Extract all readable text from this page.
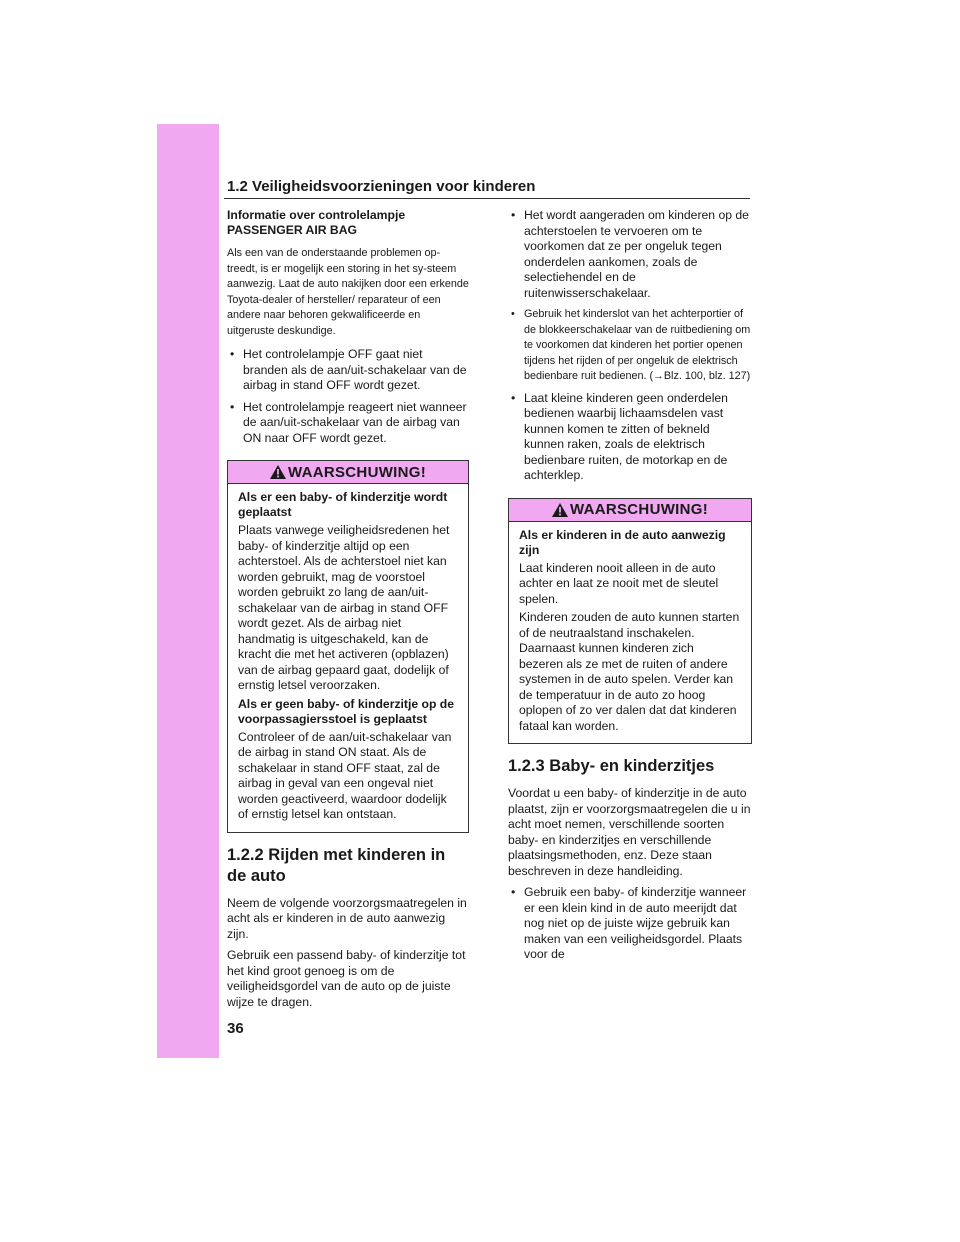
1.2 Veiligheidsvoorzieningen voor kinderen
Informatie over controlelampje
PASSENGER AIR BAG

Als een van de onderstaande problemen op-treedt, is er mogelijk een storing in het sy-steem aanwezig. Laat de auto nakijken door een erkende Toyota-dealer of hersteller/ reparateur of een andere naar behoren gekwalificeerde en uitgeruste deskundige.

• Het controlelampje OFF gaat niet branden als de aan/uit-schakelaar van de airbag in stand OFF wordt gezet.
• Het controlelampje reageert niet wanneer de aan/uit-schakelaar van de airbag van ON naar OFF wordt gezet.
WAARSCHUWING!
Als er een baby- of kinderzitje wordt geplaatst

Plaats vanwege veiligheidsredenen het baby- of kinderzitje altijd op een achterstoel. Als de achterstoel niet kan worden gebruikt, mag de voorstoel worden gebruikt zo lang de aan/uit-schakelaar van de airbag in stand OFF wordt gezet. Als de airbag niet handmatig is uitgeschakeld, kan de kracht die met het activeren (opblazen) van de airbag gepaard gaat, dodelijk of ernstig letsel veroorzaken.

Als er geen baby- of kinderzitje op de voorpassagiersstoel is geplaatst

Controleer of de aan/uit-schakelaar van de airbag in stand ON staat. Als de schakelaar in stand OFF staat, zal de airbag in geval van een ongeval niet worden geactiveerd, waardoor dodelijk of ernstig letsel kan ontstaan.

1.2.2 Rijden met kinderen in de auto

Neem de volgende voorzorgsmaatregelen in acht als er kinderen in de auto aanwezig zijn.

Gebruik een passend baby- of kinderzitje tot het kind groot genoeg is om de veiligheidsgordel van de auto op de juiste wijze te dragen.

• Het wordt aangeraden om kinderen op de achterstoelen te vervoeren om te voorkomen dat ze per ongeluk tegen onderdelen aankomen, zoals de selectiehendel en de ruitenwisserschakelaar.
• Gebruik het kinderslot van het achterportier of de blokkeerschakelaar van de ruitbediening om te voorkomen dat kinderen het portier openen tijdens het rijden of per ongeluk de elektrisch bedienbare ruit bedienen. (→Blz. 100, blz. 127)
• Laat kleine kinderen geen onderdelen bedienen waarbij lichaamsdelen vast kunnen komen te zitten of bekneld kunnen raken, zoals de elektrisch bedienbare ruiten, de motorkap en de achterklep.
WAARSCHUWING!
Als er kinderen in de auto aanwezig zijn

Laat kinderen nooit alleen in de auto achter en laat ze nooit met de sleutel spelen.

Kinderen zouden de auto kunnen starten of de neutraalstand inschakelen. Daarnaast kunnen kinderen zich bezeren als ze met de ruiten of andere systemen in de auto spelen. Verder kan de temperatuur in de auto zo hoog oplopen of zo ver dalen dat dat kinderen fataal kan worden.

1.2.3 Baby- en kinderzitjes

Voordat u een baby- of kinderzitje in de auto plaatst, zijn er voorzorgsmaatregelen die u in acht moet nemen, verschillende soorten baby- en kinderzitjes en verschillende plaatsingsmethoden, enz. Deze staan beschreven in deze handleiding.

• Gebruik een baby- of kinderzitje wanneer er een klein kind in de auto meerijdt dat nog niet op de juiste wijze gebruik kan maken van een veiligheidsgordel. Plaats voor de
36
